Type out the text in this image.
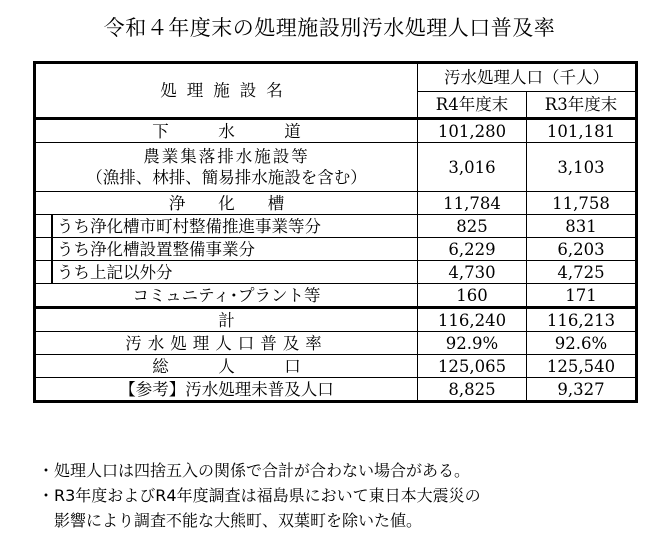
令和４年度末の処理施設別汚水処理人口普及率
処理施設名	汚水処理人口（千人）	
	R4年度末	R3年度末
下　　　水　　　道	101,280	101,181

農業集落排水施設等
（漁排、林排、簡易排水施設を含む）	3,016	3,103
浄　　化　　槽	11,784	11,758

うち浄化槽市町村整備推進事業等分	825	831

うち浄化槽設置整備事業分	6,229	6,203

うち上記以外分	4,730	4,725
コミュニティ･プラント等	160	171
計	116,240	116,213
汚水処理人口普及率	92.9%	92.6%
総　　　人　　　口	125,065	125,540
【参考】汚水処理未普及人口	8,825	9,327
・処理人口は四捨五入の関係で合計が合わない場合がある。
・R3年度およびR4年度調査は福島県において東日本大震災の
影響により調査不能な大熊町、双葉町を除いた値。
